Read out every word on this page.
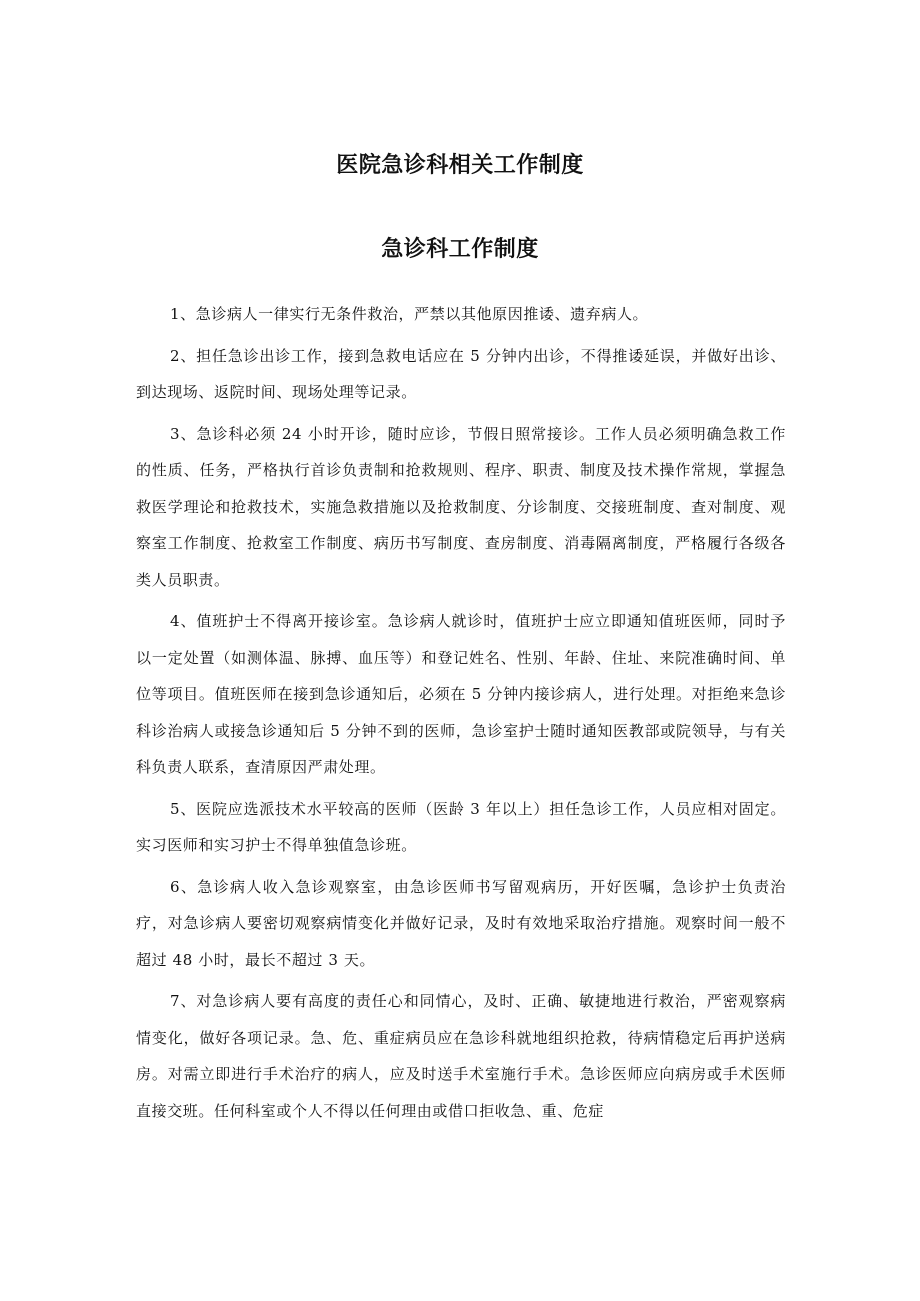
医院急诊科相关工作制度
急诊科工作制度

1、急诊病人一律实行无条件救治，严禁以其他原因推诿、遗弃病人。

2、担任急诊出诊工作，接到急救电话应在 5 分钟内出诊，不得推诿延误，并做好出诊、到达现场、返院时间、现场处理等记录。

3、急诊科必须 24 小时开诊，随时应诊，节假日照常接诊。工作人员必须明确急救工作的性质、任务，严格执行首诊负责制和抢救规则、程序、职责、制度及技术操作常规，掌握急救医学理论和抢救技术，实施急救措施以及抢救制度、分诊制度、交接班制度、查对制度、观察室工作制度、抢救室工作制度、病历书写制度、查房制度、消毒隔离制度，严格履行各级各类人员职责。

4、值班护士不得离开接诊室。急诊病人就诊时，值班护士应立即通知值班医师，同时予以一定处置（如测体温、脉搏、血压等）和登记姓名、性别、年龄、住址、来院准确时间、单位等项目。值班医师在接到急诊通知后，必须在 5 分钟内接诊病人，进行处理。对拒绝来急诊科诊治病人或接急诊通知后 5 分钟不到的医师，急诊室护士随时通知医教部或院领导，与有关科负责人联系，查清原因严肃处理。

5、医院应选派技术水平较高的医师（医龄 3 年以上）担任急诊工作，人员应相对固定。实习医师和实习护士不得单独值急诊班。

6、急诊病人收入急诊观察室，由急诊医师书写留观病历，开好医嘱，急诊护士负责治疗，对急诊病人要密切观察病情变化并做好记录，及时有效地采取治疗措施。观察时间一般不超过 48 小时，最长不超过 3 天。

7、对急诊病人要有高度的责任心和同情心，及时、正确、敏捷地进行救治，严密观察病情变化，做好各项记录。急、危、重症病员应在急诊科就地组织抢救，待病情稳定后再护送病房。对需立即进行手术治疗的病人，应及时送手术室施行手术。急诊医师应向病房或手术医师直接交班。任何科室或个人不得以任何理由或借口拒收急、重、危症
